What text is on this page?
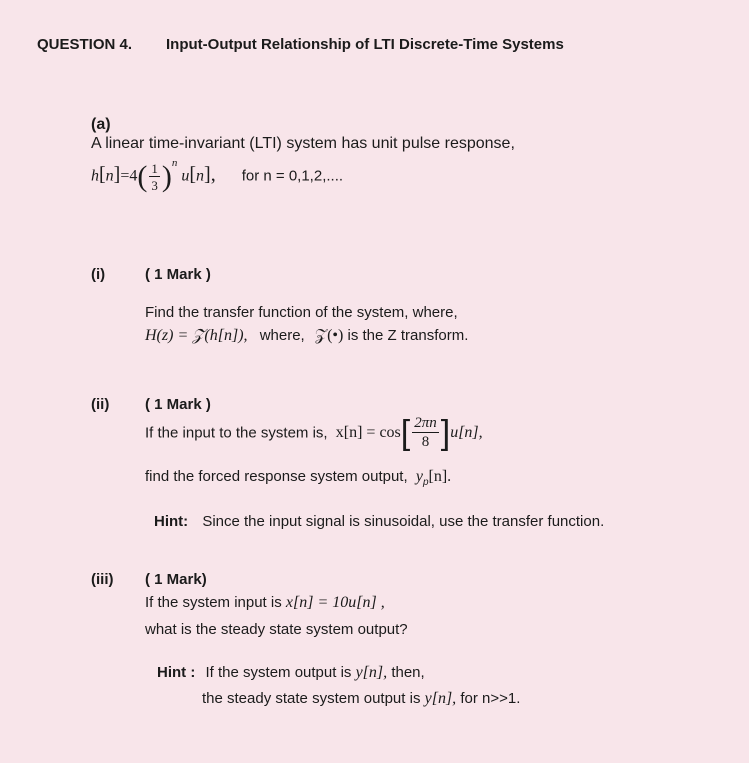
QUESTION 4. Input-Output Relationship of LTI Discrete-Time Systems
(a)
A linear time-invariant (LTI) system has unit pulse response,
$h[n]=4( \frac{1}{3} )^n$ u[n], for n = 0,1,2,....
(i)	( 1 Mark )
Find the transfer function of the system, where,
H(z) = 𝒵(h[n]), where, 𝒵(•) is the Z transform.
(ii) ( 1 Mark )
If the input to the system is, $x[n] = \cos[ \frac{2\pi n}{8} ]u[n]$,
find the forced response system output, $y_p[n]$.
Hint: Since the input signal is sinusoidal, use the transfer function.
(iii) ( 1 Mark)
If the system input is x[n] = 10u[n] ,
what is the steady state system output?
Hint : If the system output is y[n], then,
the steady state system output is y[n], for n>>1.
